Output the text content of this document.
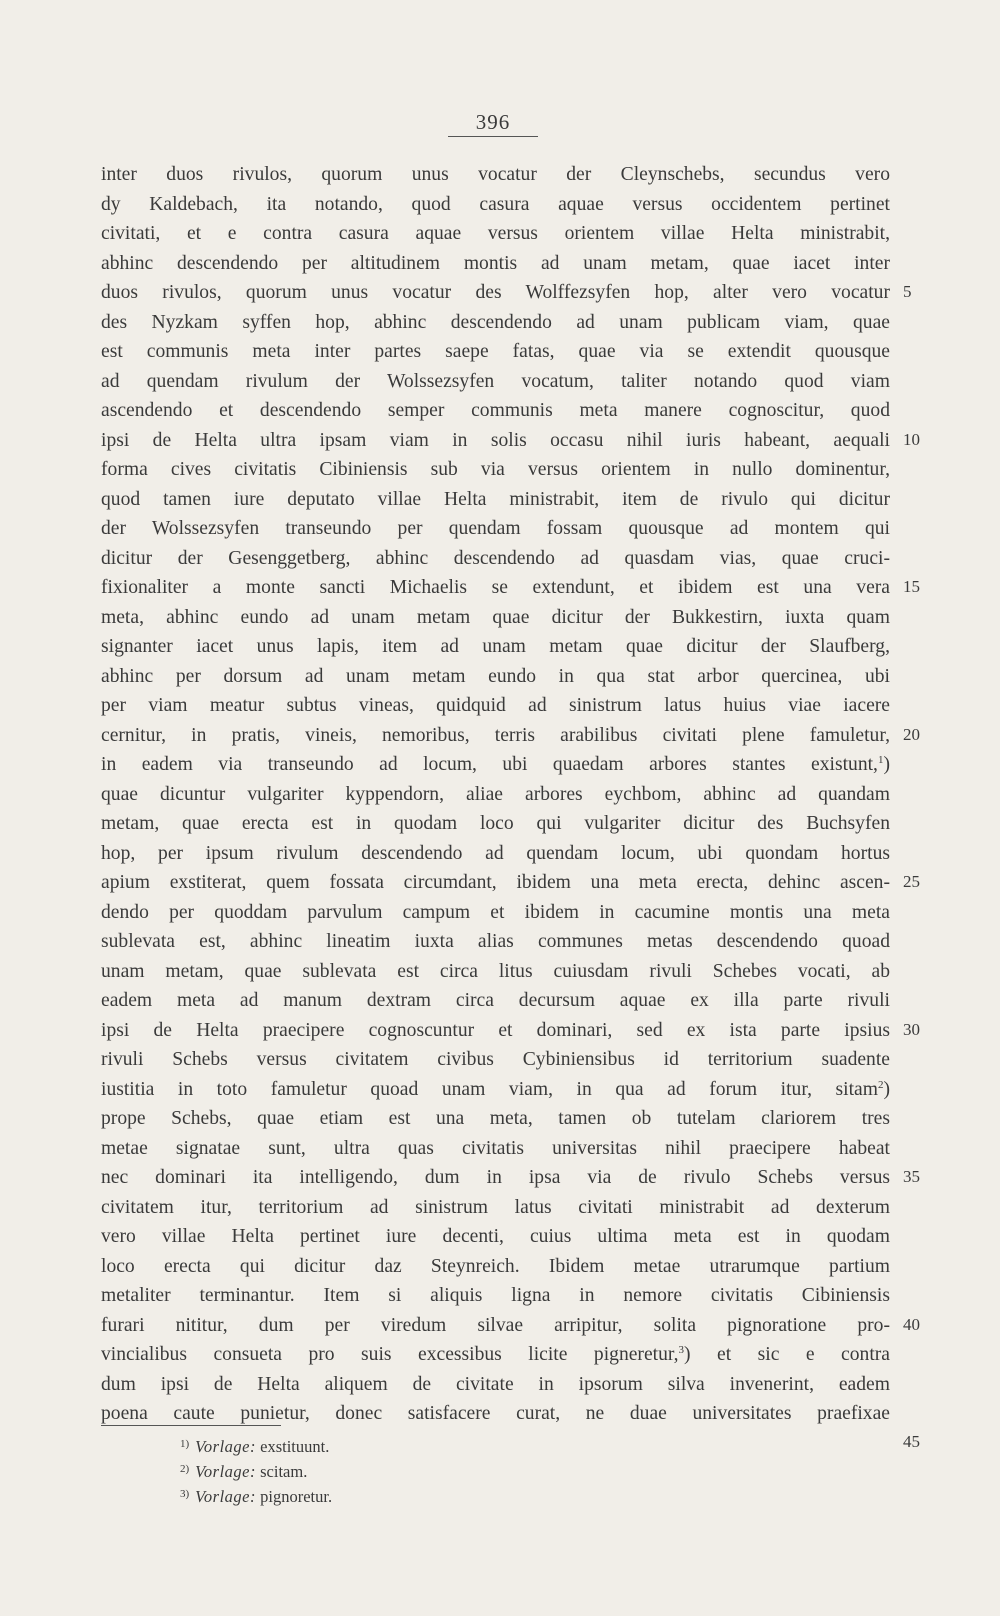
396
inter duos rivulos, quorum unus vocatur der Cleynschebs, secundus vero
dy Kaldebach, ita notando, quod casura aquae versus occidentem pertinet
civitati, et e contra casura aquae versus orientem villae Helta ministrabit,
abhinc descendendo per altitudinem montis ad unam metam, quae iacet inter
duos rivulos, quorum unus vocatur des Wolffezsyfen hop, alter vero vocatur
des Nyzkam syffen hop, abhinc descendendo ad unam publicam viam, quae
est communis meta inter partes saepe fatas, quae via se extendit quousque
ad quendam rivulum der Wolssezsyfen vocatum, taliter notando quod viam
ascendendo et descendendo semper communis meta manere cognoscitur, quod
ipsi de Helta ultra ipsam viam in solis occasu nihil iuris habeant, aequali
forma cives civitatis Cibiniensis sub via versus orientem in nullo dominentur,
quod tamen iure deputato villae Helta ministrabit, item de rivulo qui dicitur
der Wolssezsyfen transeundo per quendam fossam quousque ad montem qui
dicitur der Gesenggetberg, abhinc descendendo ad quasdam vias, quae cruci-
fixionaliter a monte sancti Michaelis se extendunt, et ibidem est una vera
meta, abhinc eundo ad unam metam quae dicitur der Bukkestirn, iuxta quam
signanter iacet unus lapis, item ad unam metam quae dicitur der Slaufberg,
abhinc per dorsum ad unam metam eundo in qua stat arbor quercinea, ubi
per viam meatur subtus vineas, quidquid ad sinistrum latus huius viae iacere
cernitur, in pratis, vineis, nemoribus, terris arabilibus civitati plene famuletur,
in eadem via transeundo ad locum, ubi quaedam arbores stantes existunt,$^1$)
quae dicuntur vulgariter kyppendorn, aliae arbores eychbom, abhinc ad quandam
metam, quae erecta est in quodam loco qui vulgariter dicitur des Buchsyfen
hop, per ipsum rivulum descendendo ad quendam locum, ubi quondam hortus
apium exstiterat, quem fossata circumdant, ibidem una meta erecta, dehinc ascen-
dendo per quoddam parvulum campum et ibidem in cacumine montis una meta
sublevata est, abhinc lineatim iuxta alias communes metas descendendo quoad
unam metam, quae sublevata est circa litus cuiusdam rivuli Schebes vocati, ab
eadem meta ad manum dextram circa decursum aquae ex illa parte rivuli
ipsi de Helta praecipere cognoscuntur et dominari, sed ex ista parte ipsius
rivuli Schebs versus civitatem civibus Cybiniensibus id territorium suadente
iustitia in toto famuletur quoad unam viam, in qua ad forum itur, sitam$^2$)
prope Schebs, quae etiam est una meta, tamen ob tutelam clariorem tres
metae signatae sunt, ultra quas civitatis universitas nihil praecipere habeat
nec dominari ita intelligendo, dum in ipsa via de rivulo Schebs versus
civitatem itur, territorium ad sinistrum latus civitati ministrabit ad dexterum
vero villae Helta pertinet iure decenti, cuius ultima meta est in quodam
loco erecta qui dicitur daz Steynreich. Ibidem metae utrarumque partium
metaliter terminantur. Item si aliquis ligna in nemore civitatis Cibiniensis
furari nititur, dum per viredum silvae arripitur, solita pignoratione pro-
vincialibus consueta pro suis excessibus licite pigneretur,$^3$) et sic e contra
dum ipsi de Helta aliquem de civitate in ipsorum silva invenerint, eadem
poena caute punietur, donec satisfacere curat, ne duae universitates praefixae
5
10
15
20
25
30
35
40
$^{1)}$ Vorlage: exstituunt.
$^{2)}$ Vorlage: scitam.
$^{3)}$ Vorlage: pignoretur.
45
